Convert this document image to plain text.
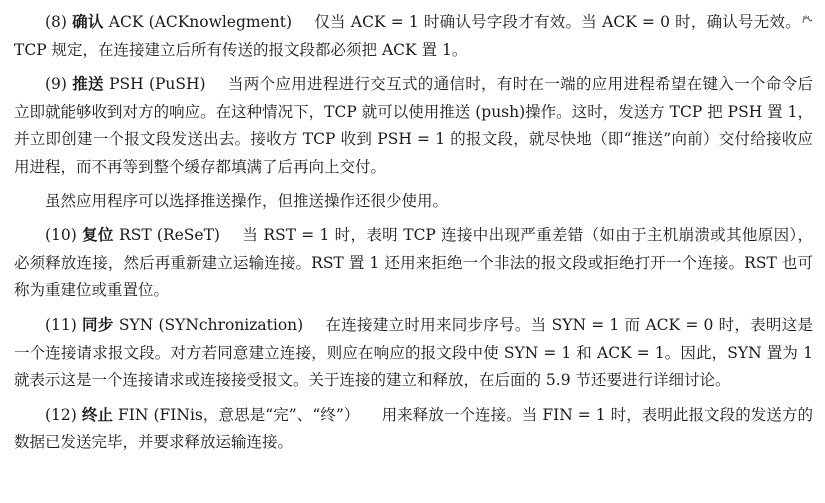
(8) 确认 ACK (ACKnowlegment) 仅当 ACK = 1 时确认号字段才有效。当 ACK = 0 时，确认号无效。
TCP 规定，在连接建立后所有传送的报文段都必须把 ACK 置 1。

(9) 推送 PSH (PuSH) 当两个应用进程进行交互式的通信时，有时在一端的应用进程希望在键入一个命令后立即就能够收到对方的响应。在这种情况下，TCP 就可以使用推送 (push)操作。这时，发送方 TCP 把 PSH 置 1，并立即创建一个报文段发送出去。接收方 TCP 收到 PSH = 1 的报文段，就尽快地（即“推送”向前）交付给接收应用进程，而不再等到整个缓存都填满了后再向上交付。

虽然应用程序可以选择推送操作，但推送操作还很少使用。

(10) 复位 RST (ReSeT) 当 RST = 1 时，表明 TCP 连接中出现严重差错（如由于主机崩溃或其他原因），必须释放连接，然后再重新建立运输连接。RST 置 1 还用来拒绝一个非法的报文段或拒绝打开一个连接。RST 也可称为重建位或重置位。

(11) 同步 SYN (SYNchronization) 在连接建立时用来同步序号。当 SYN = 1 而 ACK = 0 时，表明这是一个连接请求报文段。对方若同意建立连接，则应在响应的报文段中使 SYN = 1 和 ACK = 1。因此，SYN 置为 1 就表示这是一个连接请求或连接接受报文。关于连接的建立和释放，在后面的 5.9 节还要进行详细讨论。

(12) 终止 FIN (FINis，意思是“完”、“终”） 用来释放一个连接。当 FIN = 1 时，表明此报文段的发送方的数据已发送完毕，并要求释放运输连接。
